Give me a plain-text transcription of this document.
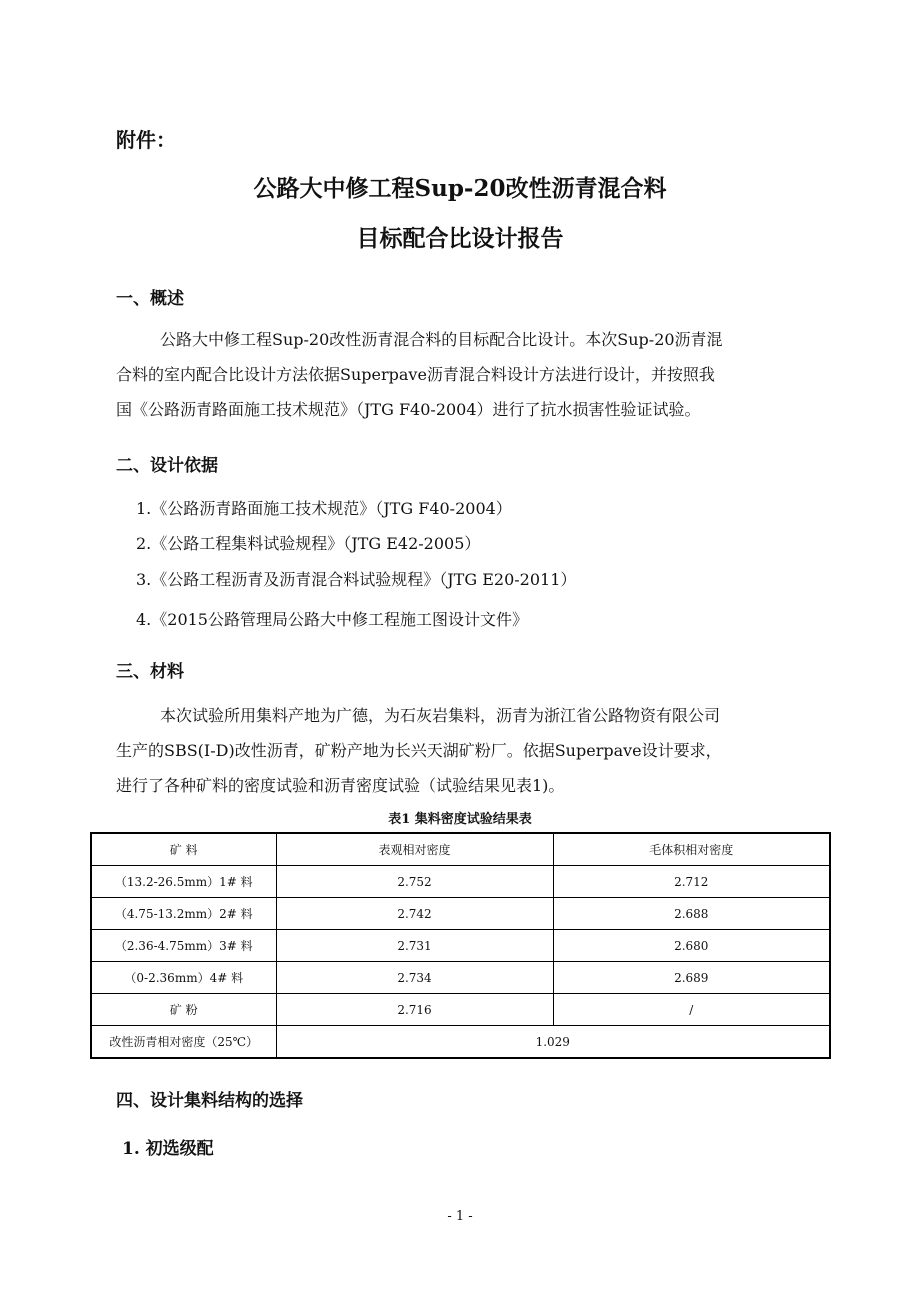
附件：
公路大中修工程Sup-20改性沥青混合料
目标配合比设计报告
一、概述

公路大中修工程Sup-20改性沥青混合料的目标配合比设计。本次Sup-20沥青混

合料的室内配合比设计方法依据Superpave沥青混合料设计方法进行设计，并按照我

国《公路沥青路面施工技术规范》（JTG F40-2004）进行了抗水损害性验证试验。

二、设计依据
1.《公路沥青路面施工技术规范》（JTG F40-2004）
2.《公路工程集料试验规程》（JTG E42-2005）
3.《公路工程沥青及沥青混合料试验规程》（JTG E20-2011）
4.《2015公路管理局公路大中修工程施工图设计文件》
三、材料

本次试验所用集料产地为广德，为石灰岩集料，沥青为浙江省公路物资有限公司

生产的SBS(I-D)改性沥青，矿粉产地为长兴天湖矿粉厂。依据Superpave设计要求，

进行了各种矿料的密度试验和沥青密度试验（试验结果见表1)。

表1 集料密度试验结果表
矿 料	表观相对密度	毛体积相对密度
（13.2-26.5mm）1# 料	2.752	2.712
（4.75-13.2mm）2# 料	2.742	2.688
（2.36-4.75mm）3# 料	2.731	2.680
（0-2.36mm）4# 料	2.734	2.689
矿 粉	2.716	/
改性沥青相对密度（25℃）	1.029	
四、设计集料结构的选择
1. 初选级配
- 1 -
